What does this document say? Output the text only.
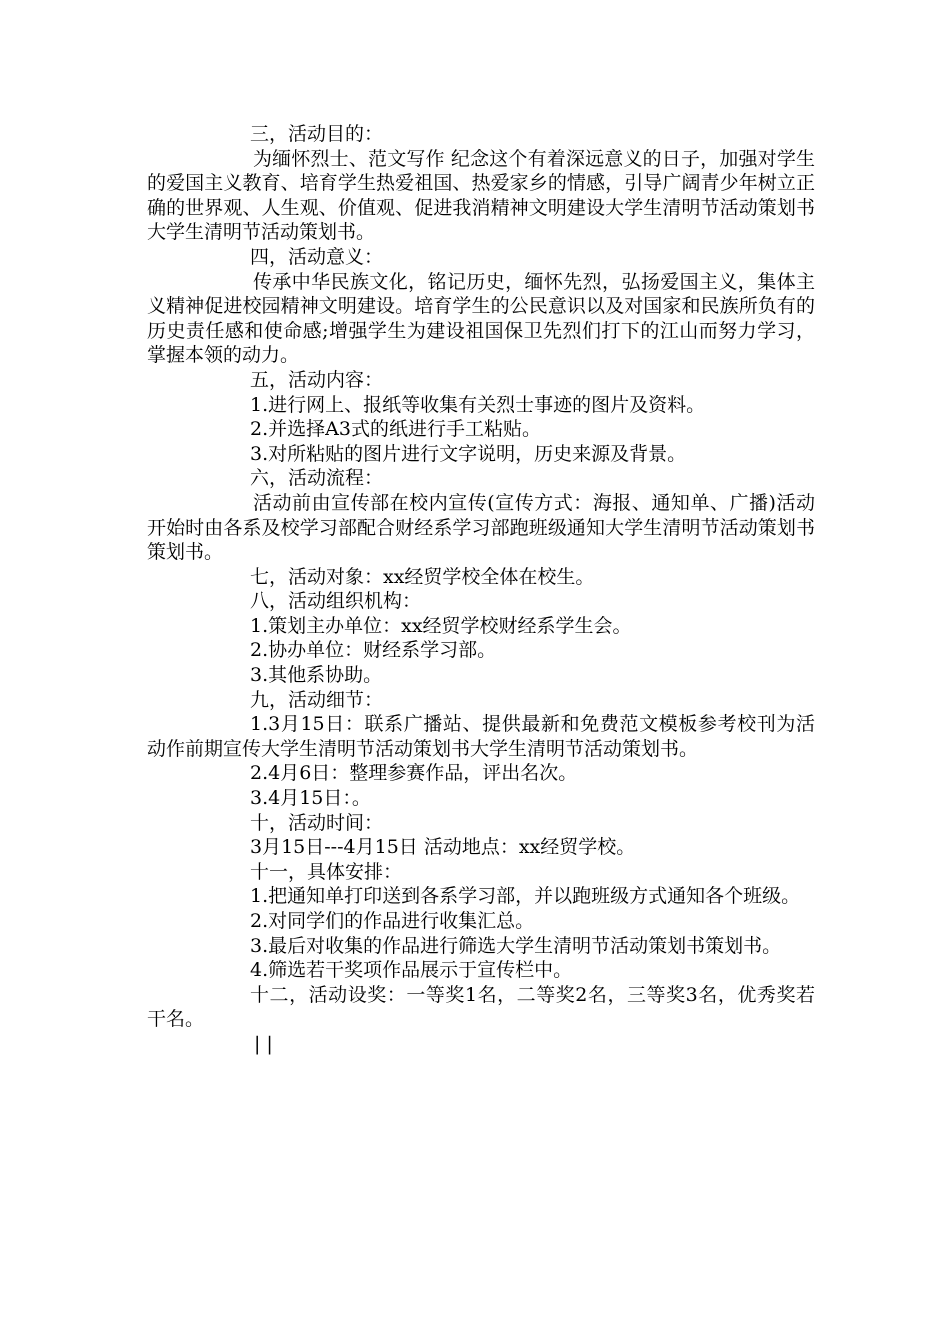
三，活动目的：

为缅怀烈士、范文写作 纪念这个有着深远意义的日子，加强对学生的爱国主义教育、培育学生热爱祖国、热爱家乡的情感，引导广阔青少年树立正确的世界观、人生观、价值观、促进我消精神文明建设大学生清明节活动策划书大学生清明节活动策划书。

四，活动意义：

传承中华民族文化，铭记历史，缅怀先烈，弘扬爱国主义，集体主义精神促进校园精神文明建设。培育学生的公民意识以及对国家和民族所负有的历史责任感和使命感;增强学生为建设祖国保卫先烈们打下的江山而努力学习，掌握本领的动力。

五，活动内容：

1.进行网上、报纸等收集有关烈士事迹的图片及资料。

2.并选择A3式的纸进行手工粘贴。

3.对所粘贴的图片进行文字说明，历史来源及背景。

六，活动流程：

活动前由宣传部在校内宣传(宣传方式：海报、通知单、广播)活动开始时由各系及校学习部配合财经系学习部跑班级通知大学生清明节活动策划书策划书。

七，活动对象：xx经贸学校全体在校生。

八，活动组织机构：

1.策划主办单位：xx经贸学校财经系学生会。

2.协办单位：财经系学习部。

3.其他系协助。

九，活动细节：

1.3月15日：联系广播站、提供最新和免费范文模板参考校刊为活动作前期宣传大学生清明节活动策划书大学生清明节活动策划书。

2.4月6日：整理参赛作品，评出名次。

3.4月15日：。

十，活动时间：

3月15日---4月15日 活动地点：xx经贸学校。

十一，具体安排：

1.把通知单打印送到各系学习部，并以跑班级方式通知各个班级。

2.对同学们的作品进行收集汇总。

3.最后对收集的作品进行筛选大学生清明节活动策划书策划书。

4.筛选若干奖项作品展示于宣传栏中。

十二，活动设奖：一等奖1名，二等奖2名，三等奖3名，优秀奖若干名。

||
